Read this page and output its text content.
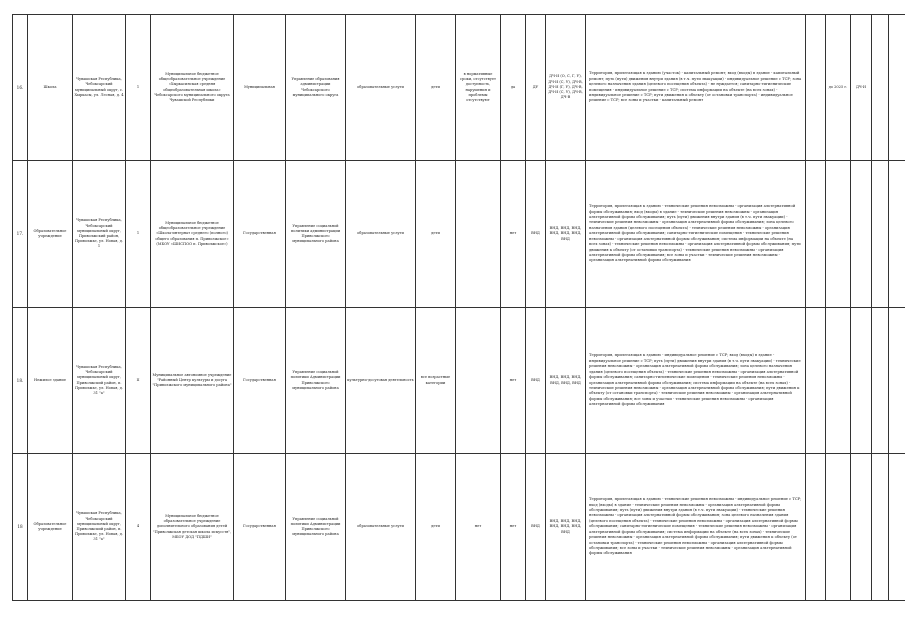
16.	Школа	Чувашская Республика, Чебоксарский муниципальный округ, с. Хыркасы, ул. Лесная, д. 4	1	Муниципальное бюджетное общеобразовательное учреждение «Хыркасинская средняя общеобразовательная школа» Чебоксарского муниципального округа Чувашской Республики	Муниципальная	Управление образования администрации Чебоксарского муниципального округа	образовательные услуги	дети	в нормативные сроки, отсутствует доступность, нарушения и проблемы отсутствуют	да	ДУ	ДЧ-И (О, С, Г, У), ДЧ-И (С, У), ДЧ-В, ДЧ-И (Г, У), ДЧ-В, ДЧ-И (С, У), ДЧ-В, ДЧ-В	Территория, прилегающая к зданию (участок) - капитальный ремонт; вход (входы) в здание - капитальный ремонт; путь (пути) движения внутри здания (в т.ч. пути эвакуации) - индивидуальное решение с ТСР; зона целевого назначения здания (целевого посещения объекта) - не нуждается; санитарно-гигиенические помещения - индивидуальное решение с ТСР; система информации на объекте (на всех зонах) - индивидуальное решение с ТСР; пути движения к объекту (от остановки транспорта) - индивидуальное решение с ТСР; все зоны и участки - капитальный ремонт		до 2025 г.	ДЧ-И						
17.	Образовательное учреждение	Чувашская Республика, Чебоксарский муниципальный округ, Приволжский район, Приволжье, ул. Новая, д. 1	1	Муниципальное бюджетное общеобразовательное учреждение «Школа-интернат среднего (полного) общего образования п. Приволжское» (МБОУ «ШИСПОО п. Приволжское»)	Государственная	Управление социальной политики администрации Приволжского муниципального района	образовательные услуги	дети		нет	ВНД	ВНД, ВНД, ВНД, ВНД, ВНД, ВНД, ВНД	Территория, прилегающая к зданию - технические решения невозможны - организация альтернативной формы обслуживания; вход (входы) в здание - технические решения невозможны - организация альтернативной формы обслуживания; путь (пути) движения внутри здания (в т.ч. пути эвакуации) - технические решения невозможны - организация альтернативной формы обслуживания; зона целевого назначения здания (целевого посещения объекта) - технические решения невозможны - организация альтернативной формы обслуживания; санитарно-гигиенические помещения - технические решения невозможны - организация альтернативной формы обслуживания; система информации на объекте (на всех зонах) - технические решения невозможны - организация альтернативной формы обслуживания; пути движения к объекту (от остановки транспорта) - технические решения невозможны - организация альтернативной формы обслуживания; все зоны и участки - технические решения невозможны - организация альтернативной формы обслуживания									
18.	Нежилое здание	Чувашская Республика, Чебоксарский муниципальный округ, Приволжский район, п. Приволжье, ул. Новая, д. 31 "а"	II	Муниципальное автономное учреждение "Районный Центр культуры и досуга "Приволжского муниципального района"	Государственная	Управление социальной политики Администрации Приволжского муниципального района	культурно-досуговая деятельность	все возрастные категории		нет	ВНД	ВНД, ВНД, ВНД, ВНД, ВНД, ВНД	Территория, прилегающая к зданию - индивидуальное решение с ТСР; вход (входы) в здание - индивидуальное решение с ТСР; путь (пути) движения внутри здания (в т.ч. пути эвакуации) - технические решения невозможны - организация альтернативной формы обслуживания; зона целевого назначения здания (целевого посещения объекта) - технические решения невозможны - организация альтернативной формы обслуживания; санитарно-гигиенические помещения - технические решения невозможны - организация альтернативной формы обслуживания; система информации на объекте (на всех зонах) - технические решения невозможны - организация альтернативной формы обслуживания; пути движения к объекту (от остановки транспорта) - технические решения невозможны - организация альтернативной формы обслуживания; все зоны и участки - технические решения невозможны - организация альтернативной формы обслуживания									
18	Образовательное учреждение	Чувашская Республика, Чебоксарский муниципальный округ, Приволжский район, п. Приволжье, ул. Новая, д. 31 "а"	4	Муниципальное бюджетное образовательное учреждение дополнительного образования детей "Приволжская детская школа искусств", МБОУ ДОД "ПДШИ"	Государственная	Управление социальной политики Администрации Приволжского муниципального района	образовательные услуги	дети	нет	нет	ВНД	ВНД, ВНД, ВНД, ВНД, ВНД, ВНД, ВНД	Территория, прилегающая к зданию - технические решения невозможны - индивидуальное решение с ТСР; вход (входы) в здание - технические решения невозможны - организация альтернативной формы обслуживания; путь (пути) движения внутри здания (в т.ч. пути эвакуации) - технические решения невозможны - организация альтернативной формы обслуживания; зона целевого назначения здания (целевого посещения объекта) - технические решения невозможны - организация альтернативной формы обслуживания; санитарно-гигиенические помещения - технические решения невозможны - организация альтернативной формы обслуживания; система информации на объекте (на всех зонах) - технические решения невозможны - организация альтернативной формы обслуживания; пути движения к объекту (от остановки транспорта) - технические решения невозможны - организация альтернативной формы обслуживания; все зоны и участки - технические решения невозможны - организация альтернативной формы обслуживания									
